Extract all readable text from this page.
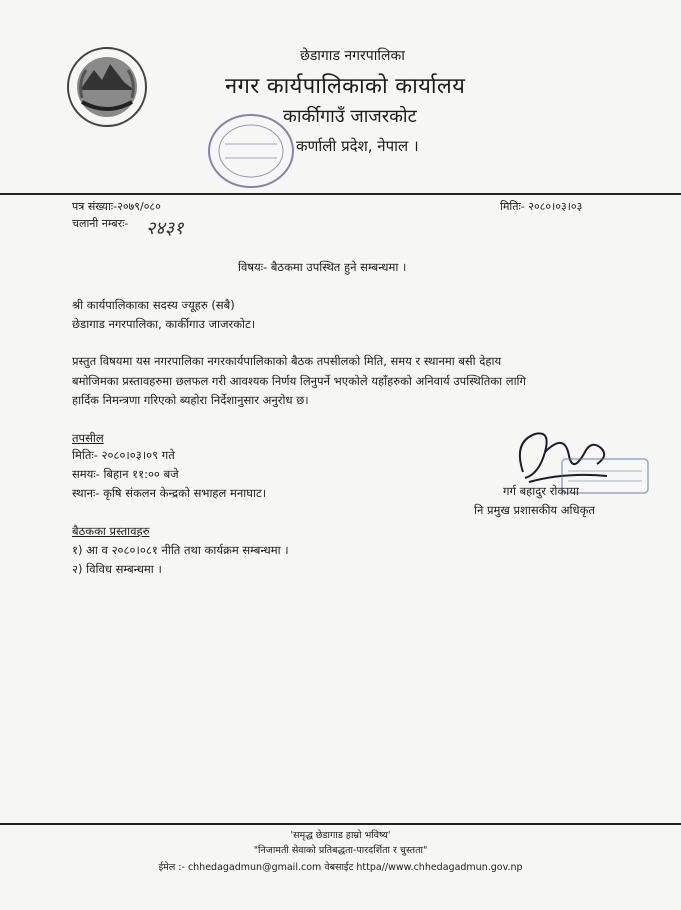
छेडागाड नगरपालिका
नगर कार्यपालिकाको कार्यालय
कार्कीगाउँ जाजरकोट
कर्णाली प्रदेश, नेपाल ।
पत्र संख्याः-२०७९/०८०
चलानी नम्बरः- २४३१
मितिः- २०८०।०३।०३
विषयः- बैठकमा उपस्थित हुने सम्बन्धमा ।
श्री कार्यपालिकाका सदस्य ज्यूहरु (सबै)
छेडागाड नगरपालिका, कार्कीगाउ जाजरकोट।
प्रस्तुत विषयमा यस नगरपालिका नगरकार्यपालिकाको बैठक तपसीलको मिति, समय र स्थानमा बसी देहाय
बमोजिमका प्रस्तावहरुमा छलफल गरी आवश्यक निर्णय लिनुपर्ने भएकोले यहाँहरुको अनिवार्य उपस्थितिका लागि
हार्दिक निमन्त्रणा गरिएको ब्यहोरा निर्देशानुसार अनुरोध छ।
तपसील
मितिः- २०८०।०३।०९ गते
समयः- बिहान ११:०० बजे
स्थानः- कृषि संकलन केन्द्रको सभाहल मनाघाट।	गर्ग बहादुर रोकाया
नि प्रमुख प्रशासकीय अधिकृत
बैठकका प्रस्तावहरु
१) आ व २०८०।०८१ नीति तथा कार्यक्रम सम्बन्धमा ।
२) विविध सम्बन्धमा ।
'समृद्ध छेडागाड हाम्रो भविष्य'
"निजामती सेवाको प्रतिबद्धता-पारदर्शिता र चुस्तता"
ईमेल :- chhedagadmun@gmail.com वेबसाईट httpa//www.chhedagadmun.gov.np
